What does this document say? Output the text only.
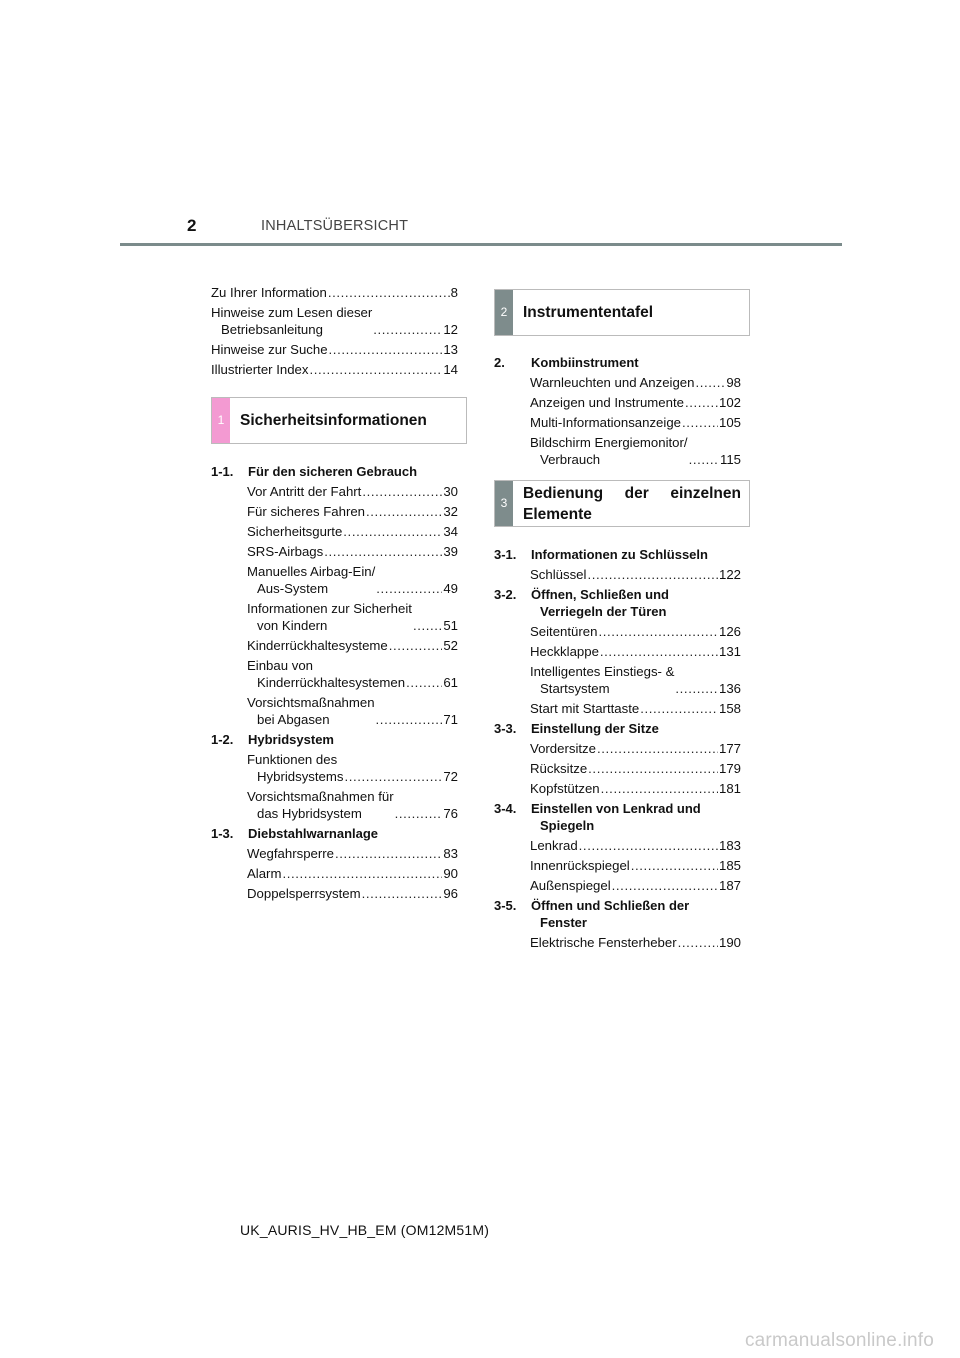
2	INHALTSÜBERSICHT
Zu Ihrer Information .....	8
Hinweise zum Lesen dieser
Betriebsanleitung .....	12
Hinweise zur Suche .....	13
Illustrierter Index .....	14
1	Sicherheitsinformationen
1-1.	Für den sicheren Gebrauch
Vor Antritt der Fahrt .....	30
Für sicheres Fahren .....	32
Sicherheitsgurte .....	34
SRS-Airbags .....	39
Manuelles Airbag-Ein/
Aus-System .....	49
Informationen zur Sicherheit
von Kindern .....	51
Kinderrückhaltesysteme .....	52
Einbau von
Kinderrückhaltesystemen .....	61
Vorsichtsmaßnahmen
bei Abgasen .....	71
1-2.	Hybridsystem
Funktionen des
Hybridsystems .....	72
Vorsichtsmaßnahmen für
das Hybridsystem .....	76
1-3.	Diebstahlwarnanlage
Wegfahrsperre .....	83
Alarm .....	90
Doppelsperrsystem .....	96
2	Instrumententafel
2.	Kombiinstrument
Warnleuchten und Anzeigen ..... 98
Anzeigen und Instrumente .....	102
Multi-Informationsanzeige .....	105
Bildschirm Energiemonitor/
Verbrauch .....	115
3
Bedienung der einzelnen
Elemente
3-1.	Informationen zu Schlüsseln
Schlüssel .....	122
3-2.	Öffnen, Schließen und
Verriegeln der Türen
Seitentüren .....	126
Heckklappe .....	131
Intelligentes Einstiegs- &
Startsystem .....	136
Start mit Starttaste .....	158
3-3.	Einstellung der Sitze
Vordersitze .....	177
Rücksitze .....	179
Kopfstützen .....	181
3-4.	Einstellen von Lenkrad und
Spiegeln
Lenkrad .....	183
Innenrückspiegel .....	185
Außenspiegel .....	187
3-5.	Öffnen und Schließen der
Fenster
Elektrische Fensterheber .....	190
UK_AURIS_HV_HB_EM (OM12M51M)
carmanualsonline.info
